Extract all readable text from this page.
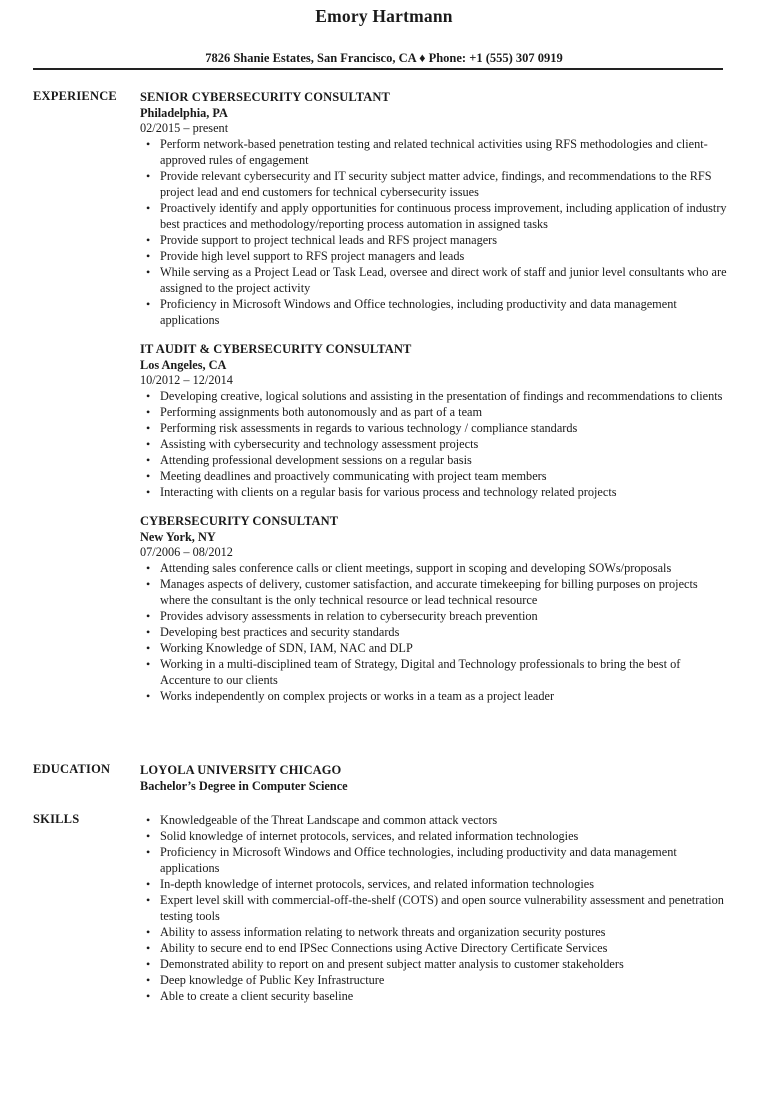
Emory Hartmann
7826 Shanie Estates, San Francisco, CA ♦ Phone: +1 (555) 307 0919
EXPERIENCE SENIOR CYBERSECURITY CONSULTANT
Philadelphia, PA
02/2015 – present
• Perform network-based penetration testing and related technical activities using RFS methodologies and client-approved rules of engagement
• Provide relevant cybersecurity and IT security subject matter advice, findings, and recommendations to the RFS project lead and end customers for technical cybersecurity issues
• Proactively identify and apply opportunities for continuous process improvement, including application of industry best practices and methodology/reporting process automation in assigned tasks
• Provide support to project technical leads and RFS project managers
• Provide high level support to RFS project managers and leads
• While serving as a Project Lead or Task Lead, oversee and direct work of staff and junior level consultants who are assigned to the project activity
• Proficiency in Microsoft Windows and Office technologies, including productivity and data management applications
IT AUDIT & CYBERSECURITY CONSULTANT
Los Angeles, CA
10/2012 – 12/2014
• Developing creative, logical solutions and assisting in the presentation of findings and recommendations to clients
• Performing assignments both autonomously and as part of a team
• Performing risk assessments in regards to various technology / compliance standards
• Assisting with cybersecurity and technology assessment projects
• Attending professional development sessions on a regular basis
• Meeting deadlines and proactively communicating with project team members
• Interacting with clients on a regular basis for various process and technology related projects
CYBERSECURITY CONSULTANT
New York, NY
07/2006 – 08/2012
• Attending sales conference calls or client meetings, support in scoping and developing SOWs/proposals
• Manages aspects of delivery, customer satisfaction, and accurate timekeeping for billing purposes on projects where the consultant is the only technical resource or lead technical resource
• Provides advisory assessments in relation to cybersecurity breach prevention
• Developing best practices and security standards
• Working Knowledge of SDN, IAM, NAC and DLP
• Working in a multi-disciplined team of Strategy, Digital and Technology professionals to bring the best of Accenture to our clients
• Works independently on complex projects or works in a team as a project leader
EDUCATION LOYOLA UNIVERSITY CHICAGO
Bachelor’s Degree in Computer Science
SKILLS
•	Knowledgeable of the Threat Landscape and common attack vectors
• Solid knowledge of internet protocols, services, and related information technologies
• Proficiency in Microsoft Windows and Office technologies, including productivity and data management applications
• In-depth knowledge of internet protocols, services, and related information technologies
• Expert level skill with commercial-off-the-shelf (COTS) and open source vulnerability assessment and penetration testing tools
• Ability to assess information relating to network threats and organization security postures
• Ability to secure end to end IPSec Connections using Active Directory Certificate Services
• Demonstrated ability to report on and present subject matter analysis to customer stakeholders
• Deep knowledge of Public Key Infrastructure
• Able to create a client security baseline
